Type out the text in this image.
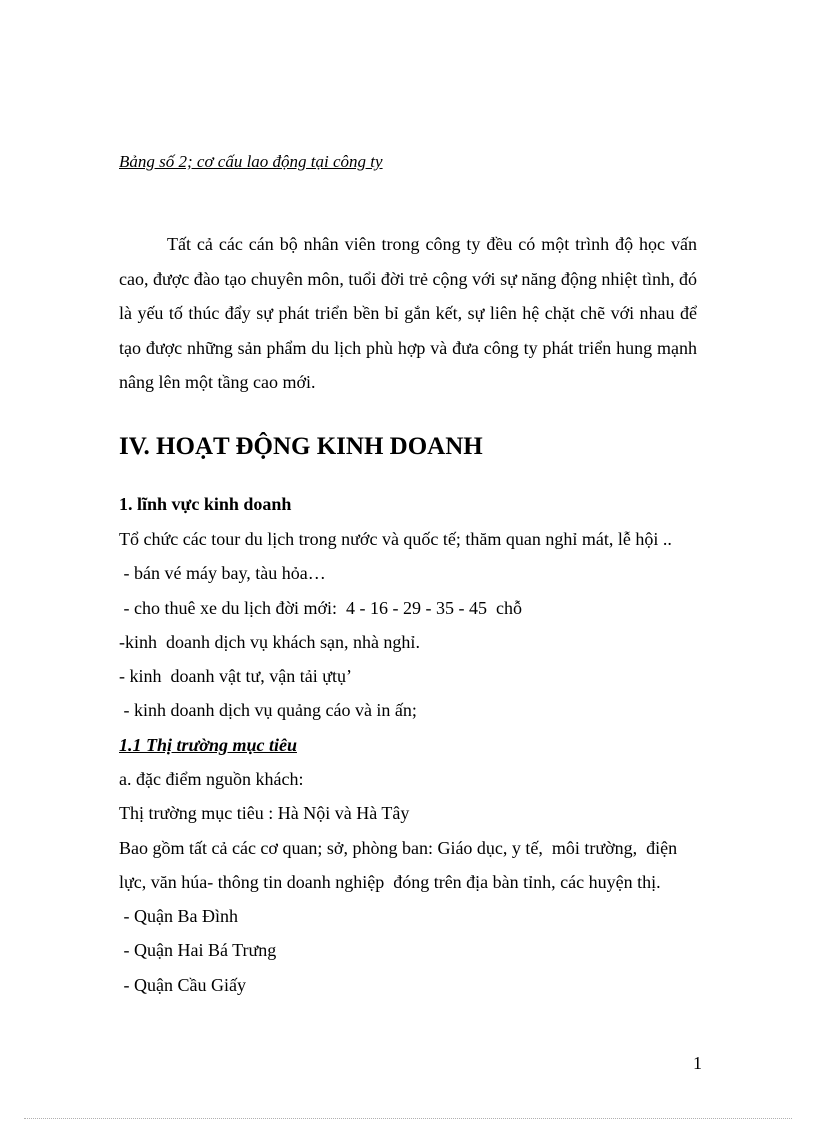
Bảng số 2; cơ cấu lao động tại công ty

Tất cả các cán bộ nhân viên trong công ty đều có một trình độ học vấn cao, được đào tạo chuyên môn, tuổi đời trẻ cộng với sự năng động nhiệt tình, đó là yếu tố thúc đẩy sự phát triển bền bỉ gắn kết, sự liên hệ chặt chẽ với nhau để tạo được những sản phẩm du lịch phù hợp và đưa công ty phát triển hung mạnh nâng lên một tầng cao mới.

IV. HOẠT ĐỘNG KINH DOANH
1. lĩnh vực kinh doanh
Tổ chức các tour du lịch trong nước và quốc tế; thăm quan nghỉ mát, lễ hội ..
- bán vé máy bay, tàu hỏa…
- cho thuê xe du lịch đời mới:  4 - 16 - 29 - 35 - 45  chỗ
-kinh  doanh dịch vụ khách sạn, nhà nghỉ.
- kinh  doanh vật tư, vận tải ựtụ’
- kinh doanh dịch vụ quảng cáo và in ấn;
1.1 Thị trường mục tiêu
a. đặc điểm nguồn khách:
Thị trường mục tiêu : Hà Nội và Hà Tây
Bao gồm tất cả các cơ quan; sở, phòng ban: Giáo dục, y tế,  môi trường,  điện
lực, văn húa- thông tin doanh nghiệp  đóng trên địa bàn tỉnh, các huyện thị.
- Quận Ba Đình
- Quận Hai Bá Trưng
- Quận Cầu Giấy
1
